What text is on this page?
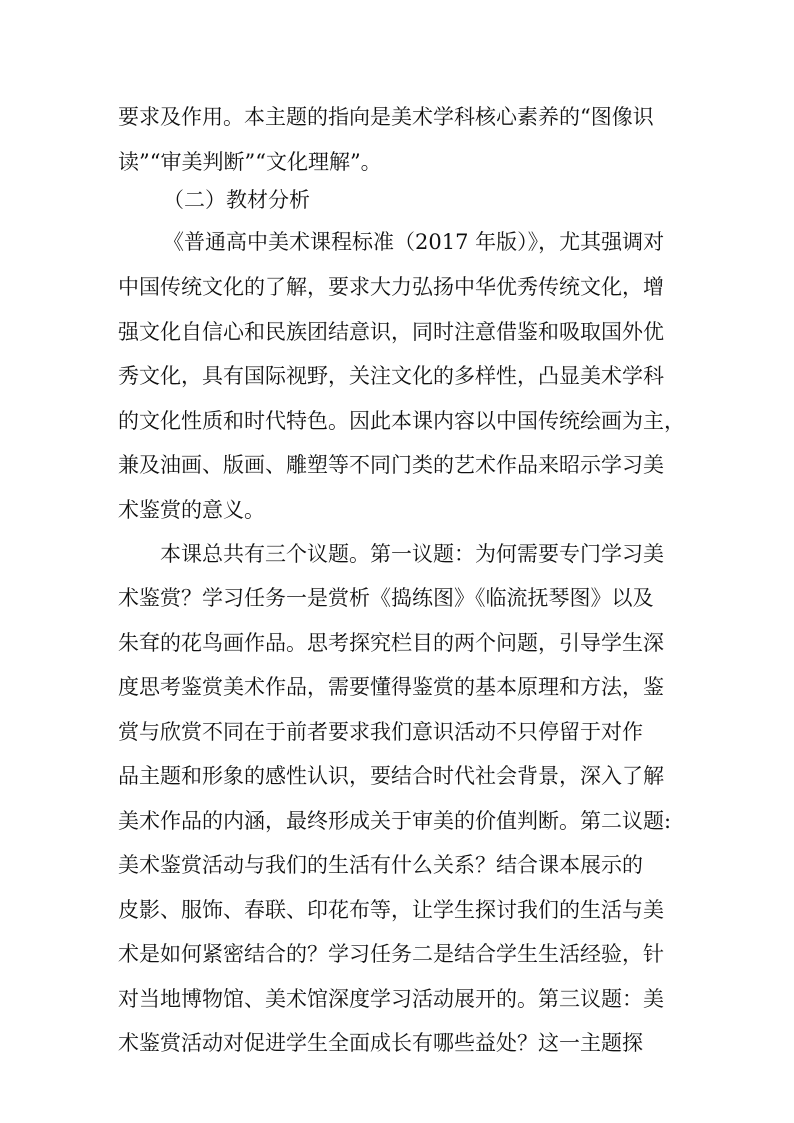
要求及作用。本主题的指向是美术学科核心素养的“图像识
读”“审美判断”“文化理解”。
（二）教材分析
《普通高中美术课程标准（2017 年版）》，尤其强调对
中国传统文化的了解，要求大力弘扬中华优秀传统文化，增
强文化自信心和民族团结意识，同时注意借鉴和吸取国外优
秀文化，具有国际视野，关注文化的多样性，凸显美术学科
的文化性质和时代特色。因此本课内容以中国传统绘画为主，
兼及油画、版画、雕塑等不同门类的艺术作品来昭示学习美
术鉴赏的意义。
本课总共有三个议题。第一议题：为何需要专门学习美
术鉴赏？学习任务一是赏析《捣练图》《临流抚琴图》以及
朱耷的花鸟画作品。思考探究栏目的两个问题，引导学生深
度思考鉴赏美术作品，需要懂得鉴赏的基本原理和方法，鉴
赏与欣赏不同在于前者要求我们意识活动不只停留于对作
品主题和形象的感性认识，要结合时代社会背景，深入了解
美术作品的内涵，最终形成关于审美的价值判断。第二议题:
美术鉴赏活动与我们的生活有什么关系？结合课本展示的
皮影、服饰、春联、印花布等，让学生探讨我们的生活与美
术是如何紧密结合的？学习任务二是结合学生生活经验，针
对当地博物馆、美术馆深度学习活动展开的。第三议题：美
术鉴赏活动对促进学生全面成长有哪些益处？这一主题探
